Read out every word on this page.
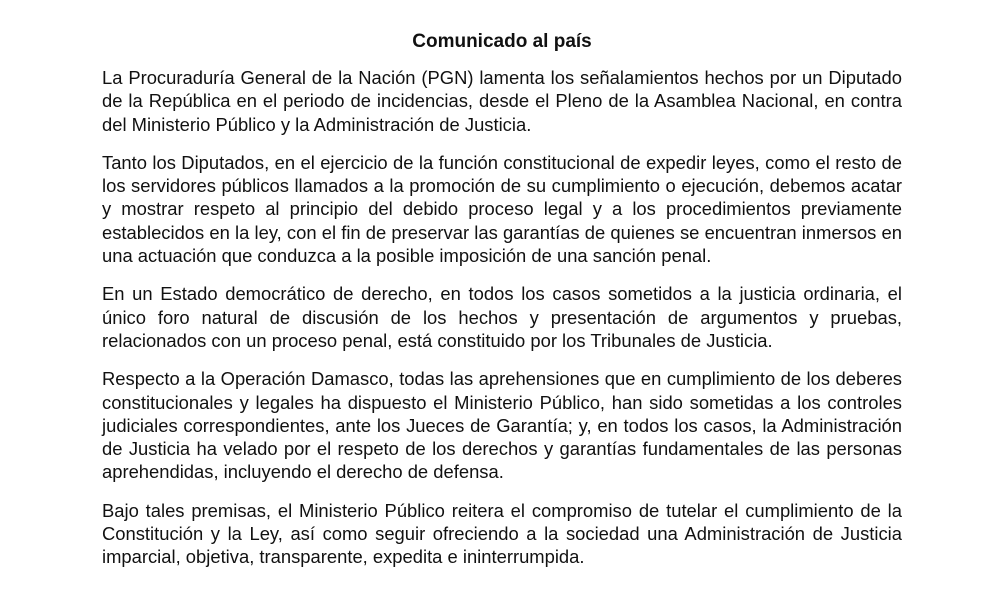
Comunicado al país

La Procuraduría General de la Nación (PGN) lamenta los señalamientos hechos por un Diputado de la República en el periodo de incidencias, desde el Pleno de la Asamblea Nacional, en contra del Ministerio Público y la Administración de Justicia.

Tanto los Diputados, en el ejercicio de la función constitucional de expedir leyes, como el resto de los servidores públicos llamados a la promoción de su cumplimiento o ejecución, debemos acatar y mostrar respeto al principio del debido proceso legal y a los procedimientos previamente establecidos en la ley, con el fin de preservar las garantías de quienes se encuentran inmersos en una actuación que conduzca a la posible imposición de una sanción penal.

En un Estado democrático de derecho, en todos los casos sometidos a la justicia ordinaria, el único foro natural de discusión de los hechos y presentación de argumentos y pruebas, relacionados con un proceso penal, está constituido por los Tribunales de Justicia.

Respecto a la Operación Damasco, todas las aprehensiones que en cumplimiento de los deberes constitucionales y legales ha dispuesto el Ministerio Público, han sido sometidas a los controles judiciales correspondientes, ante los Jueces de Garantía; y, en todos los casos, la Administración de Justicia ha velado por el respeto de los derechos y garantías fundamentales de las personas aprehendidas, incluyendo el derecho de defensa.

Bajo tales premisas, el Ministerio Público reitera el compromiso de tutelar el cumplimiento de la Constitución y la Ley, así como seguir ofreciendo a la sociedad una Administración de Justicia imparcial, objetiva, transparente, expedita e ininterrumpida.
